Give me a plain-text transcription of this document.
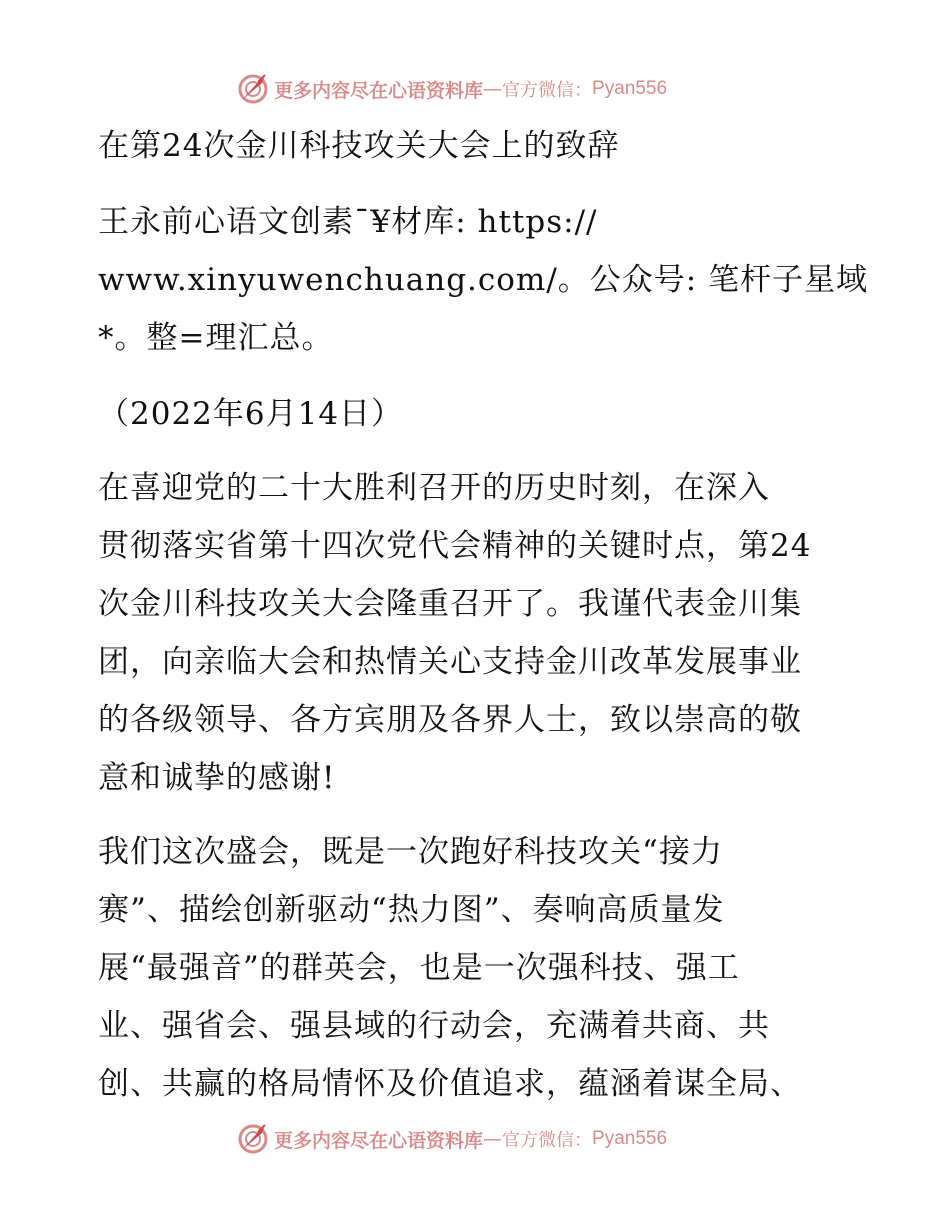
更多内容尽在心语资料库 — 官方微信： Pyan556
在第24次金川科技攻关大会上的致辞
王永前心语文创素¯¥材库: https://
www.xinyuwenchuang.com/。公众号: 笔杆子星域
*。整=理汇总。
（2022年6月14日）
在喜迎党的二十大胜利召开的历史时刻，在深入
贯彻落实省第十四次党代会精神的关键时点，第24
次金川科技攻关大会隆重召开了。我谨代表金川集
团，向亲临大会和热情关心支持金川改革发展事业
的各级领导、各方宾朋及各界人士，致以崇高的敬
意和诚挚的感谢!
我们这次盛会，既是一次跑好科技攻关“接力
赛”、描绘创新驱动“热力图”、奏响高质量发
展“最强音”的群英会，也是一次强科技、强工
业、强省会、强县域的行动会，充满着共商、共
创、共赢的格局情怀及价值追求，蕴涵着谋全局、
更多内容尽在心语资料库 — 官方微信： Pyan556
